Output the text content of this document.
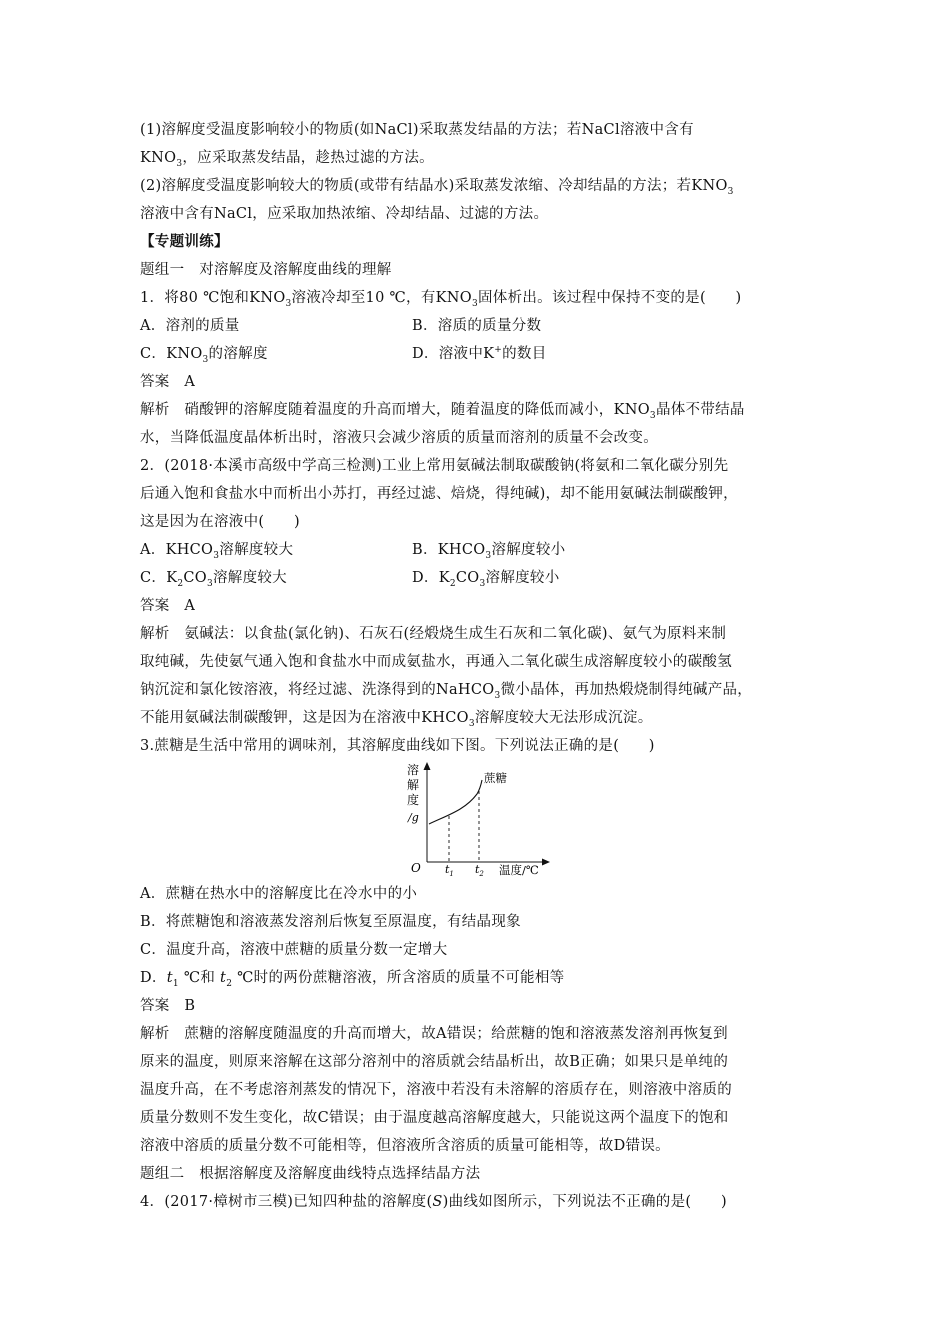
(1)溶解度受温度影响较小的物质(如NaCl)采取蒸发结晶的方法；若NaCl溶液中含有
$KNO_3$，应采取蒸发结晶，趁热过滤的方法。
(2)溶解度受温度影响较大的物质(或带有结晶水)采取蒸发浓缩、冷却结晶的方法；若$KNO_3$
溶液中含有NaCl，应采取加热浓缩、冷却结晶、过滤的方法。
【专题训练】
题组一　对溶解度及溶解度曲线的理解
1．将80 ℃饱和$KNO_3$溶液冷却至10 ℃，有$KNO_3$固体析出。该过程中保持不变的是(　　)
A．溶剂的质量	B．溶质的质量分数
C．$KNO_3$的溶解度	D．溶液中K+的数目
答案　A
解析　硝酸钾的溶解度随着温度的升高而增大，随着温度的降低而减小，$KNO_3$晶体不带结晶
水，当降低温度晶体析出时，溶液只会减少溶质的质量而溶剂的质量不会改变。
2．(2018·本溪市高级中学高三检测)工业上常用氨碱法制取碳酸钠(将氨和二氧化碳分别先
后通入饱和食盐水中而析出小苏打，再经过滤、焙烧，得纯碱)，却不能用氨碱法制碳酸钾，
这是因为在溶液中(　　)
A．$KHCO_3$溶解度较大	B．$KHCO_3$溶解度较小
C．$K_2CO_3$溶解度较大	D．$K_2CO_3$溶解度较小
答案　A
解析　氨碱法：以食盐(氯化钠)、石灰石(经煅烧生成生石灰和二氧化碳)、氨气为原料来制
取纯碱，先使氨气通入饱和食盐水中而成氨盐水，再通入二氧化碳生成溶解度较小的碳酸氢
钠沉淀和氯化铵溶液，将经过滤、洗涤得到的NaHCO$_3$微小晶体，再加热煅烧制得纯碱产品，
不能用氨碱法制碳酸钾，这是因为在溶液中$KHCO_3$溶解度较大无法形成沉淀。
3.蔗糖是生活中常用的调味剂，其溶解度曲线如下图。下列说法正确的是(　　)
溶
解
度
/g
O $t_1$ $t_2$ 温度/℃
蔗糖
A．蔗糖在热水中的溶解度比在冷水中的小
B．将蔗糖饱和溶液蒸发溶剂后恢复至原温度，有结晶现象
C．温度升高，溶液中蔗糖的质量分数一定增大
D．$t_1$ ℃和 $t_2$ ℃时的两份蔗糖溶液，所含溶质的质量不可能相等
答案　B
解析　蔗糖的溶解度随温度的升高而增大，故A错误；给蔗糖的饱和溶液蒸发溶剂再恢复到
原来的温度，则原来溶解在这部分溶剂中的溶质就会结晶析出，故B正确；如果只是单纯的
温度升高，在不考虑溶剂蒸发的情况下，溶液中若没有未溶解的溶质存在，则溶液中溶质的
质量分数则不发生变化，故C错误；由于温度越高溶解度越大，只能说这两个温度下的饱和
溶液中溶质的质量分数不可能相等，但溶液所含溶质的质量可能相等，故D错误。
题组二　根据溶解度及溶解度曲线特点选择结晶方法
4．(2017·樟树市三模)已知四种盐的溶解度(S)曲线如图所示，下列说法不正确的是(　　)
